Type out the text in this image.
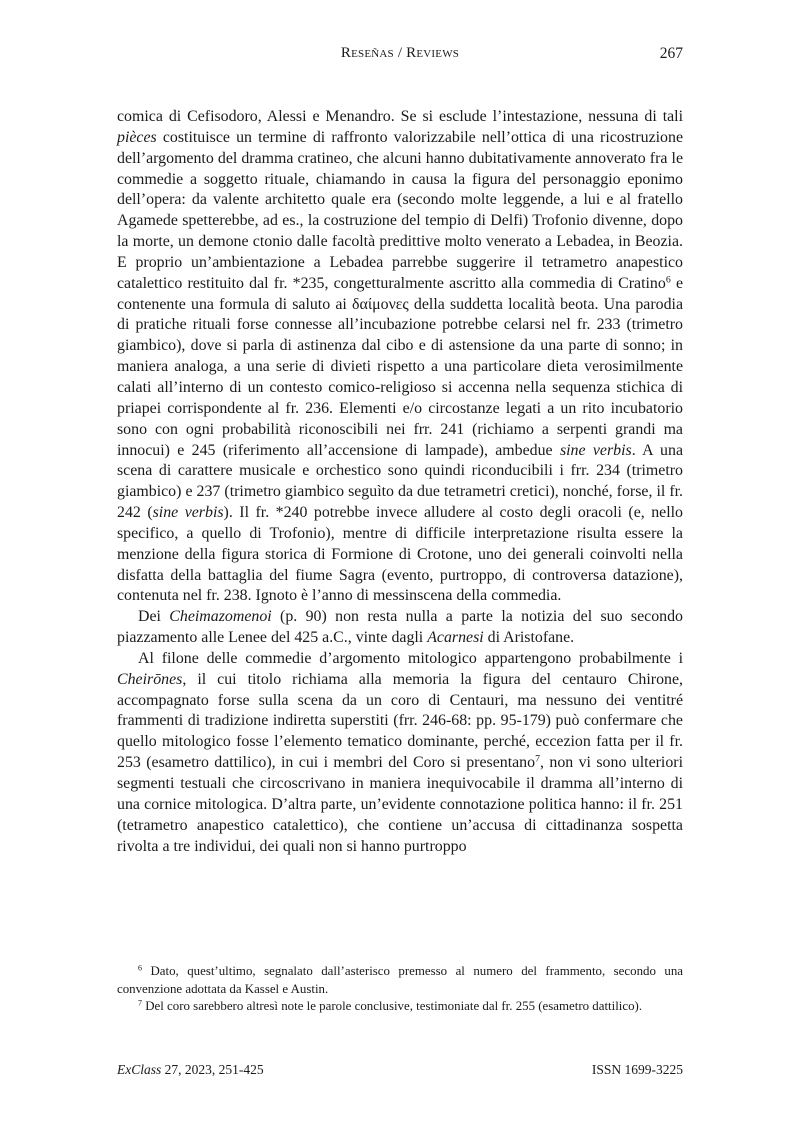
Reseñas / Reviews	267

comica di Cefisodoro, Alessi e Menandro. Se si esclude l’intestazione, nessuna di tali pièces costituisce un termine di raffronto valorizzabile nell’ottica di una ricostruzione dell’argomento del dramma cratineo, che alcuni hanno dubitativamente annoverato fra le commedie a soggetto rituale, chiamando in causa la figura del personaggio eponimo dell’opera: da valente architetto quale era (secondo molte leggende, a lui e al fratello Agamede spetterebbe, ad es., la costruzione del tempio di Delfi) Trofonio divenne, dopo la morte, un demone ctonio dalle facoltà predittive molto venerato a Lebadea, in Beozia. E proprio un’ambientazione a Lebadea parrebbe suggerire il tetrametro anapestico catalettico restituito dal fr. *235, congetturalmente ascritto alla commedia di Cratino$^6$ e contenente una formula di saluto ai δαίμονες della suddetta località beota. Una parodia di pratiche rituali forse connesse all’incubazione potrebbe celarsi nel fr. 233 (trimetro giambico), dove si parla di astinenza dal cibo e di astensione da una parte di sonno; in maniera analoga, a una serie di divieti rispetto a una particolare dieta verosimilmente calati all’interno di un contesto comico-religioso si accenna nella sequenza stichica di priapei corrispondente al fr. 236. Elementi e/o circostanze legati a un rito incubatorio sono con ogni probabilità riconoscibili nei frr. 241 (richiamo a serpenti grandi ma innocui) e 245 (riferimento all’accensione di lampade), ambedue sine verbis. A una scena di carattere musicale e orchestico sono quindi riconducibili i frr. 234 (trimetro giambico) e 237 (trimetro giambico seguìto da due tetrametri cretici), nonché, forse, il fr. 242 (sine verbis). Il fr. *240 potrebbe invece alludere al costo degli oracoli (e, nello specifico, a quello di Trofonio), mentre di difficile interpretazione risulta essere la menzione della figura storica di Formione di Crotone, uno dei generali coinvolti nella disfatta della battaglia del fiume Sagra (evento, purtroppo, di controversa datazione), contenuta nel fr. 238. Ignoto è l’anno di messinscena della commedia.

Dei Cheimazomenoi (p. 90) non resta nulla a parte la notizia del suo secondo piazzamento alle Lenee del 425 a.C., vinte dagli Acarnesi di Aristofane.

Al filone delle commedie d’argomento mitologico appartengono probabilmente i Cheirōnes, il cui titolo richiama alla memoria la figura del centauro Chirone, accompagnato forse sulla scena da un coro di Centauri, ma nessuno dei ventitré frammenti di tradizione indiretta superstiti (frr. 246-68: pp. 95-179) può confermare che quello mitologico fosse l’elemento tematico dominante, perché, eccezion fatta per il fr. 253 (esametro dattilico), in cui i membri del Coro si presentano$^7$, non vi sono ulteriori segmenti testuali che circoscrivano in maniera inequivocabile il dramma all’interno di una cornice mitologica. D’altra parte, un’evidente connotazione politica hanno: il fr. 251 (tetrametro anapestico catalettico), che contiene un’accusa di cittadinanza sospetta rivolta a tre individui, dei quali non si hanno purtroppo

$^6$ Dato, quest’ultimo, segnalato dall’asterisco premesso al numero del frammento, secondo una convenzione adottata da Kassel e Austin.

$^7$ Del coro sarebbero altresì note le parole conclusive, testimoniate dal fr. 255 (esametro dattilico).

ExClass 27, 2023, 251-425	ISSN 1699-3225
